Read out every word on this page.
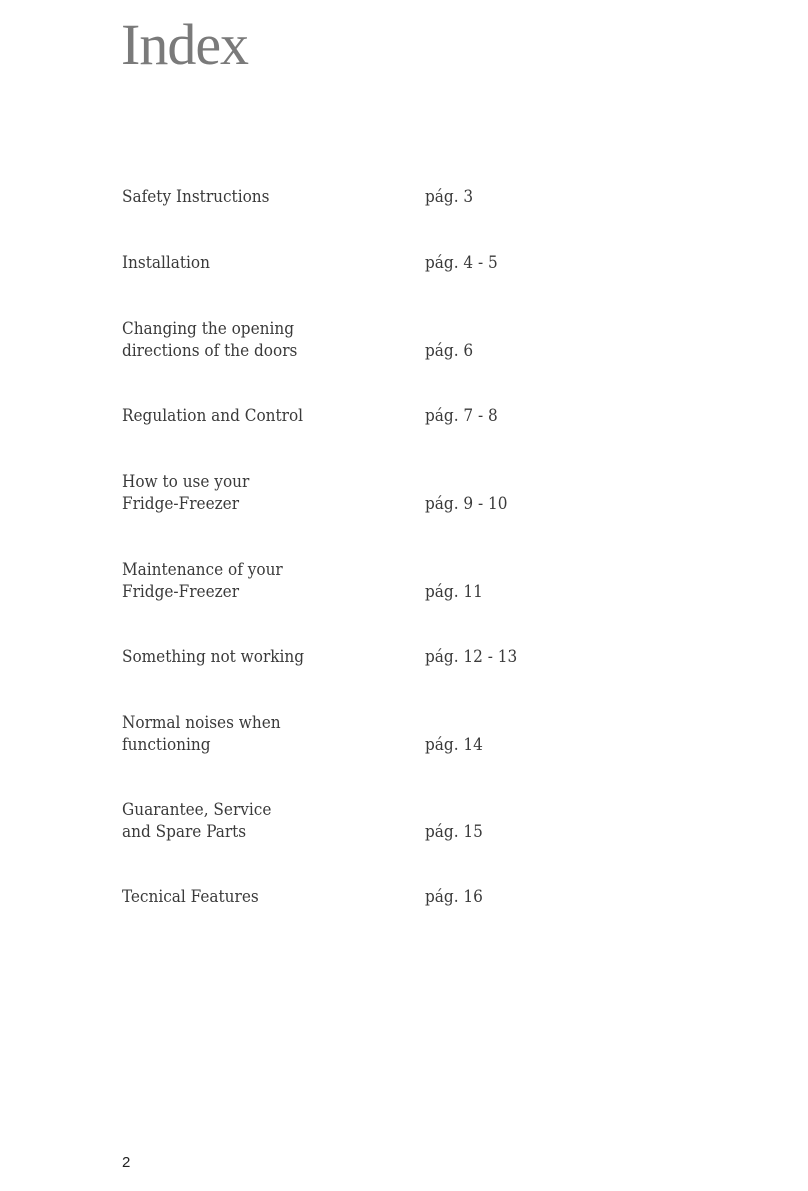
Index
Safety Instructions	pág. 3
Installation	pág. 4 - 5
Changing the opening
directions of the doors	pág. 6
Regulation and Control	pág. 7 - 8
How to use your
Fridge-Freezer	pág. 9 - 10
Maintenance of your
Fridge-Freezer	pág. 11
Something not working	pág. 12 - 13
Normal noises when
functioning	pág. 14
Guarantee, Service
and Spare Parts	pág. 15
Tecnical Features	pág. 16
2
